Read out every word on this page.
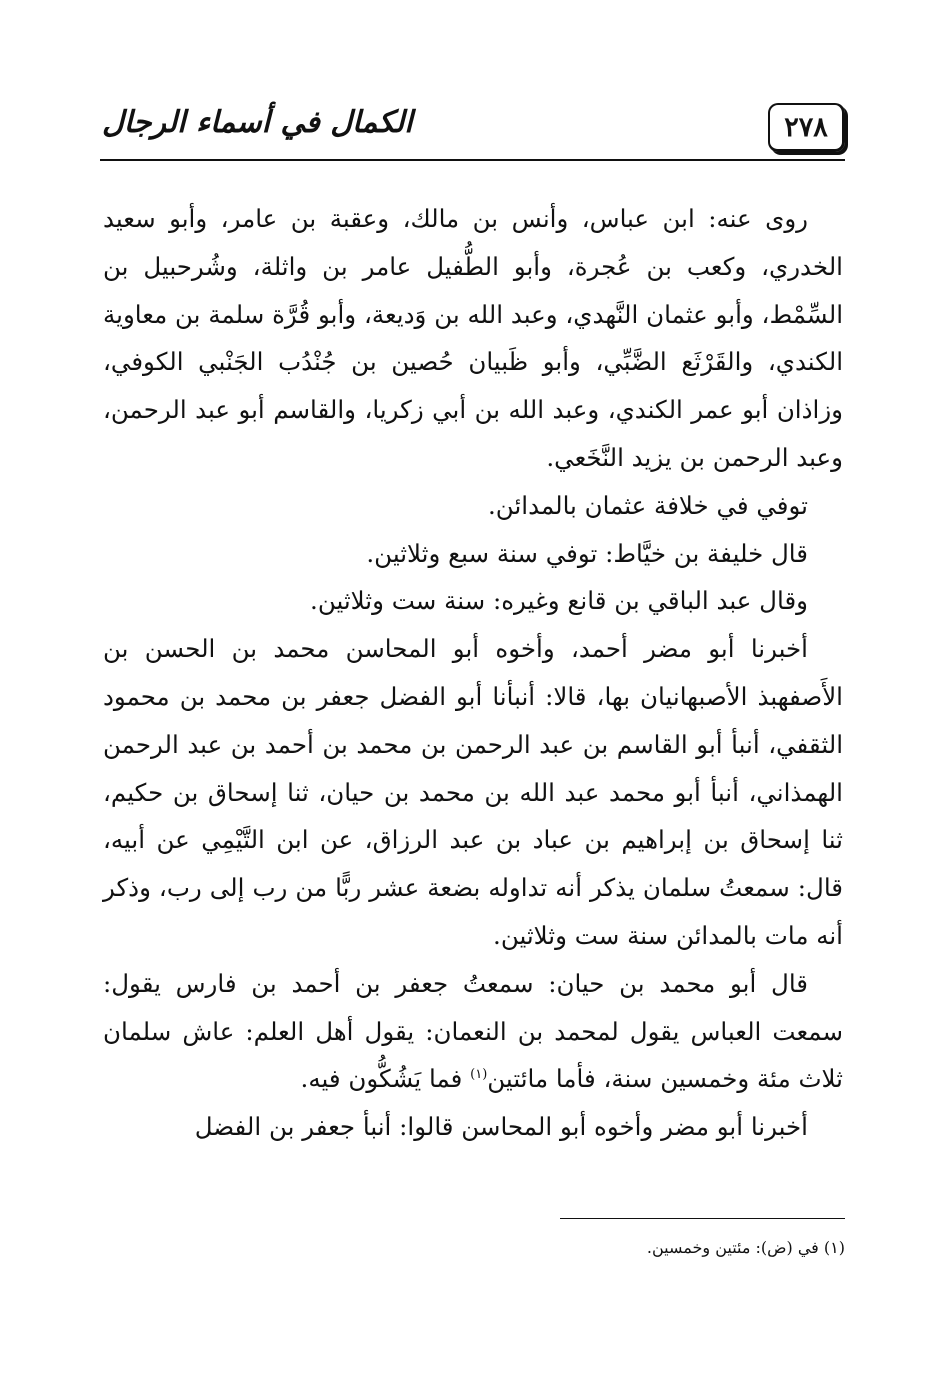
الكمال في أسماء الرجال	٢٧٨

روى عنه: ابن عباس، وأنس بن مالك، وعقبة بن عامر، وأبو سعيد الخدري، وكعب بن عُجرة، وأبو الطُّفيل عامر بن واثلة، وشُرحبيل بن السِّمْط، وأبو عثمان النَّهدي، وعبد الله بن وَديعة، وأبو قُرَّة سلمة بن معاوية الكندي، والقَرْثَع الضَّبِّي، وأبو ظَبيان حُصين بن جُنْدُب الجَنْبي الكوفي، وزاذان أبو عمر الكندي، وعبد الله بن أبي زكريا، والقاسم أبو عبد الرحمن، وعبد الرحمن بن يزيد النَّخَعي.

توفي في خلافة عثمان بالمدائن.

قال خليفة بن خيَّاط: توفي سنة سبع وثلاثين.

وقال عبد الباقي بن قانع وغيره: سنة ست وثلاثين.

أخبرنا أبو مضر أحمد، وأخوه أبو المحاسن محمد بن الحسن بن الأَصفهبذ الأصبهانيان بها، قالا: أنبأنا أبو الفضل جعفر بن محمد بن محمود الثقفي، أنبأ أبو القاسم بن عبد الرحمن بن محمد بن أحمد بن عبد الرحمن الهمذاني، أنبأ أبو محمد عبد الله بن محمد بن حيان، ثنا إسحاق بن حكيم، ثنا إسحاق بن إبراهيم بن عباد بن عبد الرزاق، عن ابن التَّيْمِي عن أبيه، قال: سمعتُ سلمان يذكر أنه تداوله بضعة عشر ربًّا من رب إلى رب، وذكر أنه مات بالمدائن سنة ست وثلاثين.

قال أبو محمد بن حيان: سمعتُ جعفر بن أحمد بن فارس يقول: سمعت العباس يقول لمحمد بن النعمان: يقول أهل العلم: عاش سلمان ثلاث مئة وخمسين سنة، فأما مائتين$^{(١)}$ فما يَشُكُّون فيه.

أخبرنا أبو مضر وأخوه أبو المحاسن قالوا: أنبأ جعفر بن الفضل

(١) في (ض): مئتين وخمسين.
